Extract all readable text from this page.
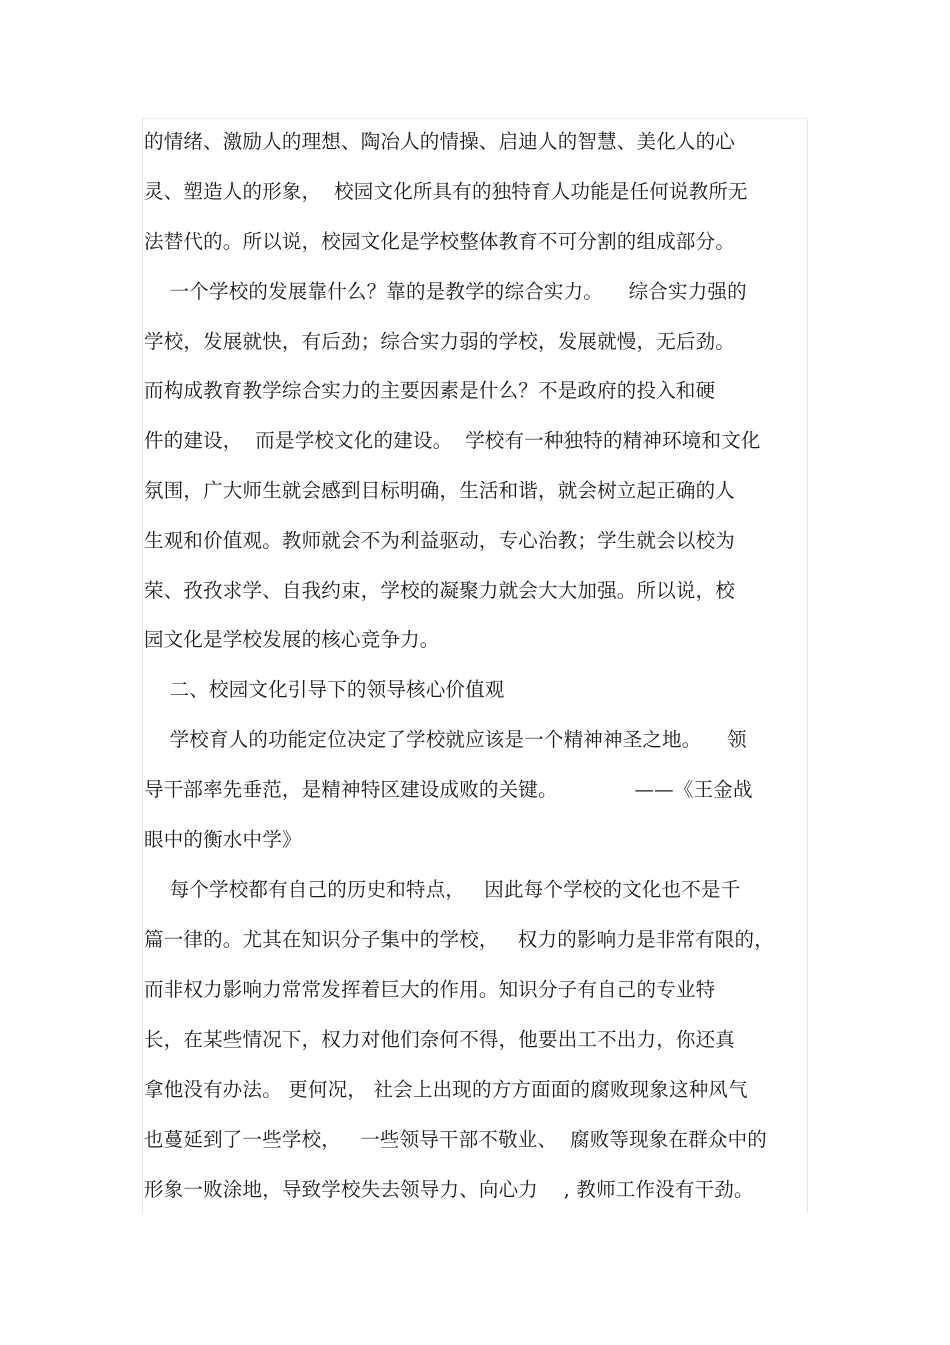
的情绪、激励人的理想、陶冶人的情操、启迪人的智慧、美化人的心
灵、塑造人的形象，  校园文化所具有的独特育人功能是任何说教所无
法替代的。所以说，校园文化是学校整体教育不可分割的组成部分。
一个学校的发展靠什么？靠的是教学的综合实力。    综合实力强的
学校，发展就快，有后劲；综合实力弱的学校，发展就慢，无后劲。
而构成教育教学综合实力的主要因素是什么？不是政府的投入和硬
件的建设，  而是学校文化的建设。  学校有一种独特的精神环境和文化
氛围，广大师生就会感到目标明确，生活和谐，就会树立起正确的人
生观和价值观。教师就会不为利益驱动，专心治教；学生就会以校为
荣、孜孜求学、自我约束，学校的凝聚力就会大大加强。所以说，校
园文化是学校发展的核心竞争力。
二、校园文化引导下的领导核心价值观
学校育人的功能定位决定了学校就应该是一个精神神圣之地。    领
导干部率先垂范，是精神特区建设成败的关键。            ——《王金战
眼中的衡水中学》
每个学校都有自己的历史和特点，   因此每个学校的文化也不是千
篇一律的。尤其在知识分子集中的学校，   权力的影响力是非常有限的，
而非权力影响力常常发挥着巨大的作用。知识分子有自己的专业特
长，在某些情况下，权力对他们奈何不得，他要出工不出力，你还真
拿他没有办法。 更何况， 社会上出现的方方面面的腐败现象这种风气
也蔓延到了一些学校，   一些领导干部不敬业、  腐败等现象在群众中的
形象一败涂地，导致学校失去领导力、向心力    , 教师工作没有干劲。
